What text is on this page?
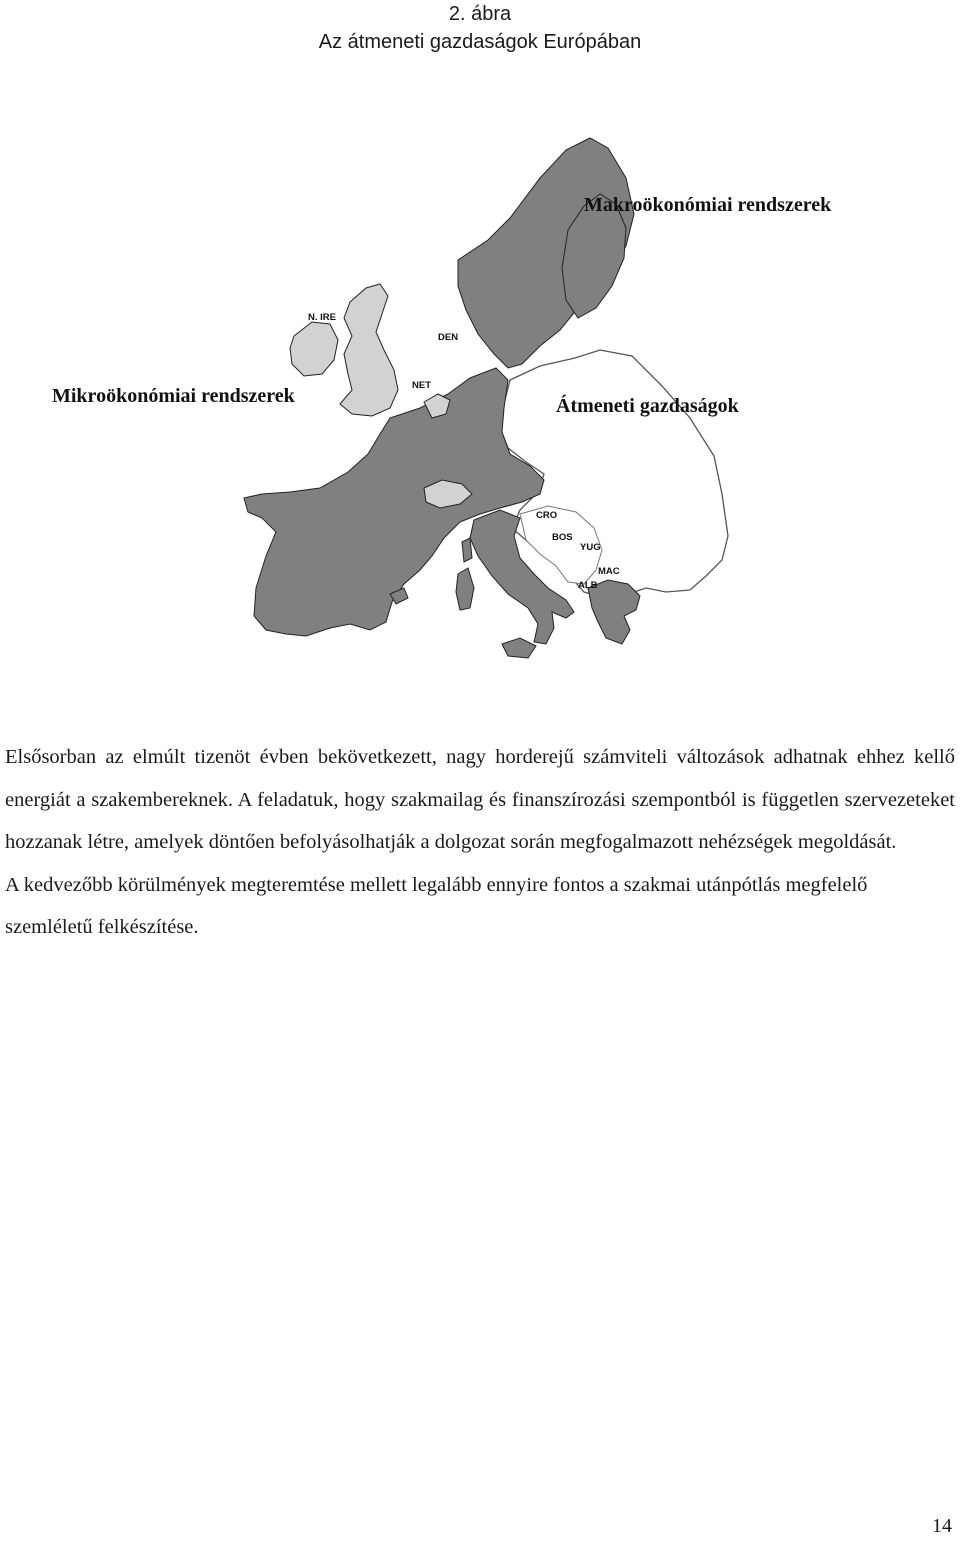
2. ábra
Az átmeneti gazdaságok Európában
Makroökonómiai rendszerek
Mikroökonómiai rendszerek	Átmeneti gazdaságok
N. IRE
DEN
NET
CRO
BOS
YUG
MAC
ALB

Elsősorban az elmúlt tizenöt évben bekövetkezett, nagy horderejű számviteli változások adhatnak ehhez kellő energiát a szakembereknek. A feladatuk, hogy szakmailag és finanszírozási szempontból is független szervezeteket hozzanak létre, amelyek döntően befolyásolhatják a dolgozat során megfogalmazott nehézségek megoldását.

A kedvezőbb körülmények megteremtése mellett legalább ennyire fontos a szakmai utánpótlás megfelelő szemléletű felkészítése.

14
